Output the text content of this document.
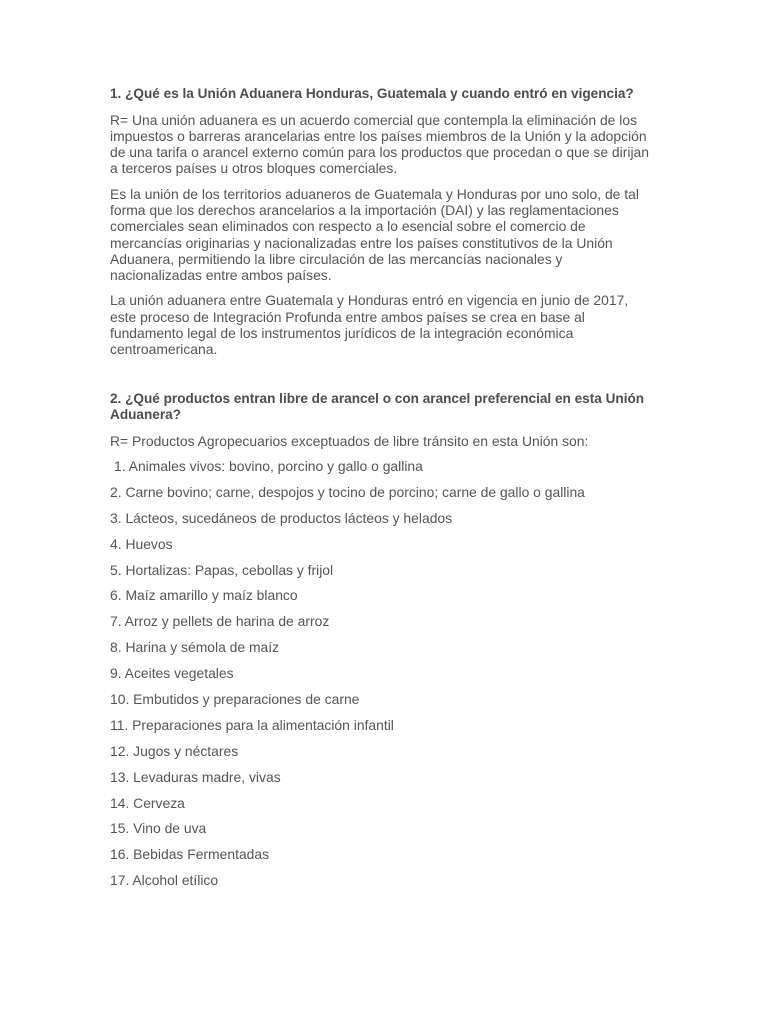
1. ¿Qué es la Unión Aduanera Honduras, Guatemala y cuando entró en vigencia?

R= Una unión aduanera es un acuerdo comercial que contempla la eliminación de los impuestos o barreras arancelarias entre los países miembros de la Unión y la adopción de una tarifa o arancel externo común para los productos que procedan o que se dirijan a terceros países u otros bloques comerciales.

Es la unión de los territorios aduaneros de Guatemala y Honduras por uno solo, de tal forma que los derechos arancelarios a la importación (DAI) y las reglamentaciones comerciales sean eliminados con respecto a lo esencial sobre el comercio de mercancías originarias y nacionalizadas entre los países constitutivos de la Unión Aduanera, permitiendo la libre circulación de las mercancías nacionales y nacionalizadas entre ambos países.

La unión aduanera entre Guatemala y Honduras entró en vigencia en junio de 2017, este proceso de Integración Profunda entre ambos países se crea en base al fundamento legal de los instrumentos jurídicos de la integración económica centroamericana.

2. ¿Qué productos entran libre de arancel o con arancel preferencial en esta Unión Aduanera?

R= Productos Agropecuarios exceptuados de libre tránsito en esta Unión son:

1. Animales vivos: bovino, porcino y gallo o gallina
2. Carne bovino; carne, despojos y tocino de porcino; carne de gallo o gallina
3. Lácteos, sucedáneos de productos lácteos y helados
4. Huevos
5. Hortalizas: Papas, cebollas y frijol
6. Maíz amarillo y maíz blanco
7. Arroz y pellets de harina de arroz
8. Harina y sémola de maíz
9. Aceites vegetales
10. Embutidos y preparaciones de carne
11. Preparaciones para la alimentación infantil
12. Jugos y néctares
13. Levaduras madre, vivas
14. Cerveza
15. Vino de uva
16. Bebidas Fermentadas
17. Alcohol etílico
